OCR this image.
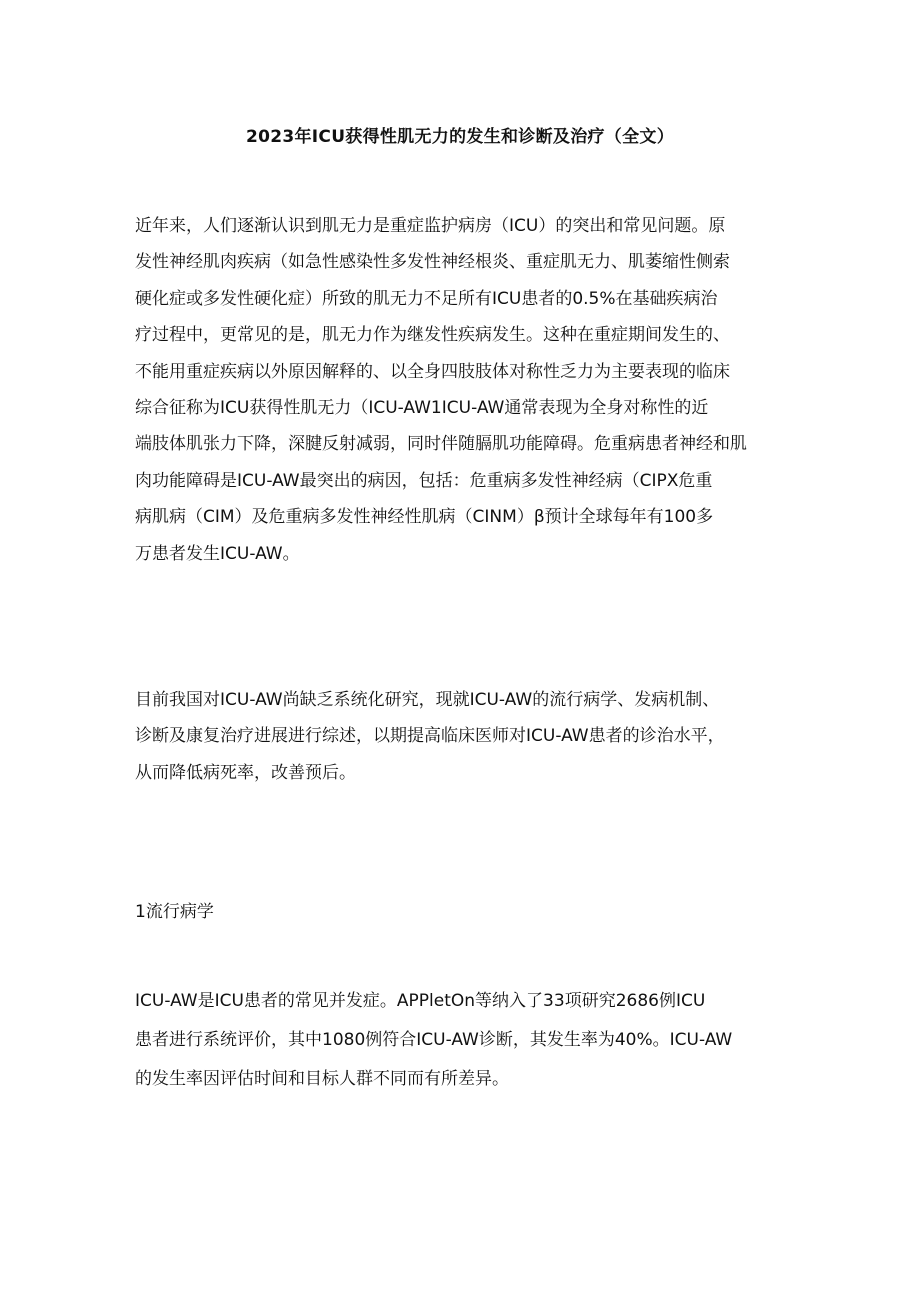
2023年ICU获得性肌无力的发生和诊断及治疗（全文）
近年来，人们逐渐认识到肌无力是重症监护病房（ICU）的突出和常见问题。原
发性神经肌肉疾病（如急性感染性多发性神经根炎、重症肌无力、肌萎缩性侧索
硬化症或多发性硬化症）所致的肌无力不足所有ICU患者的0.5%在基础疾病治
疗过程中，更常见的是，肌无力作为继发性疾病发生。这种在重症期间发生的、
不能用重症疾病以外原因解释的、以全身四肢肢体对称性乏力为主要表现的临床
综合征称为ICU获得性肌无力（ICU-AW1ICU-AW通常表现为全身对称性的近
端肢体肌张力下降，深腱反射减弱，同时伴随膈肌功能障碍。危重病患者神经和肌
肉功能障碍是ICU-AW最突出的病因，包括：危重病多发性神经病（CIPX危重
病肌病（CIM）及危重病多发性神经性肌病（CINM）β预计全球每年有100多
万患者发生ICU-AW。
目前我国对ICU-AW尚缺乏系统化研究，现就ICU-AW的流行病学、发病机制、
诊断及康复治疗进展进行综述，以期提高临床医师对ICU-AW患者的诊治水平，
从而降低病死率，改善预后。
1流行病学
ICU-AW是ICU患者的常见并发症。APPletOn等纳入了33项研究2686例ICU
患者进行系统评价，其中1080例符合ICU-AW诊断，其发生率为40%。ICU-AW
的发生率因评估时间和目标人群不同而有所差异。
